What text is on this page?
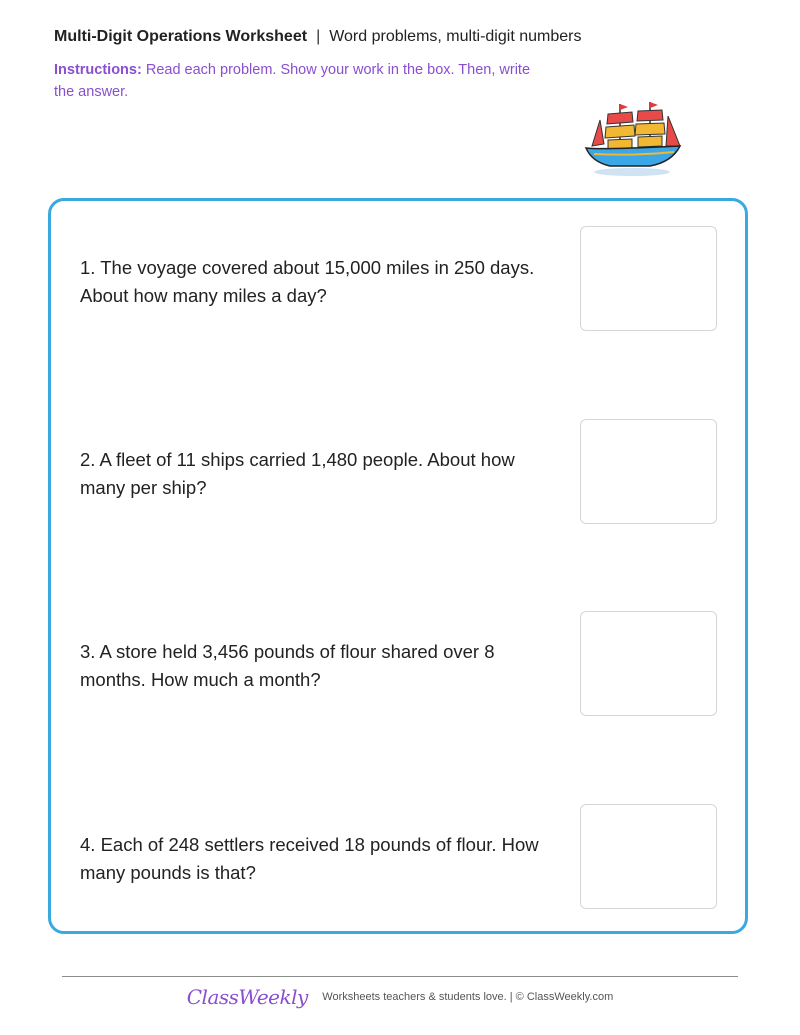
Multi-Digit Operations Worksheet | Word problems, multi-digit numbers
Instructions: Read each problem. Show your work in the box. Then, write the answer.
1. The voyage covered about 15,000 miles in 250 days. About how many miles a day?
2. A fleet of 11 ships carried 1,480 people. About how many per ship?
3. A store held 3,456 pounds of flour shared over 8 months. How much a month?
4. Each of 248 settlers received 18 pounds of flour. How many pounds is that?
ClassWeekly Worksheets teachers & students love. | © ClassWeekly.com
